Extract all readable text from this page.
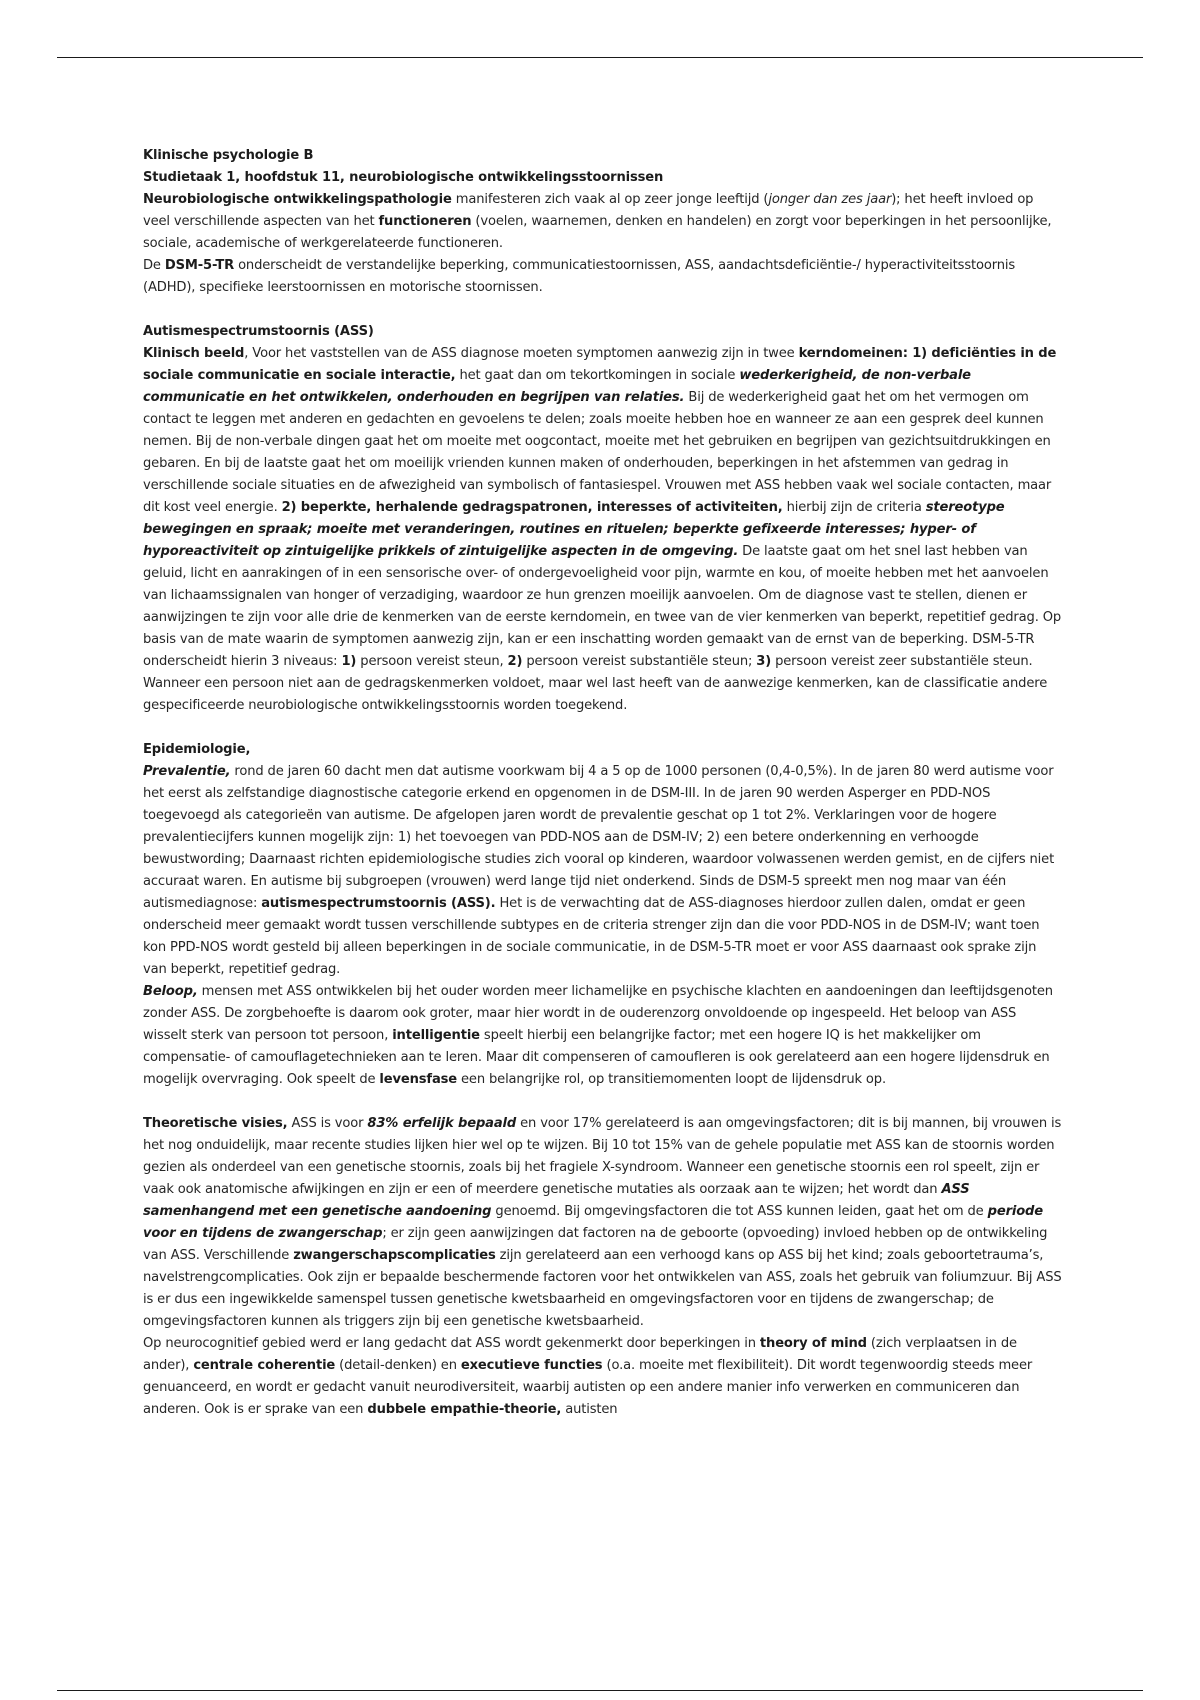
Klinische psychologie B

Studietaak 1, hoofdstuk 11, neurobiologische ontwikkelingsstoornissen

Neurobiologische ontwikkelingspathologie manifesteren zich vaak al op zeer jonge leeftijd (jonger dan zes jaar); het heeft invloed op veel verschillende aspecten van het functioneren (voelen, waarnemen, denken en handelen) en zorgt voor beperkingen in het persoonlijke, sociale, academische of werkgerelateerde functioneren.

De DSM-5-TR onderscheidt de verstandelijke beperking, communicatiestoornissen, ASS, aandachtsdeficiëntie-/ hyperactiviteitsstoornis (ADHD), specifieke leerstoornissen en motorische stoornissen.

Autismespectrumstoornis (ASS)

Klinisch beeld, Voor het vaststellen van de ASS diagnose moeten symptomen aanwezig zijn in twee kerndomeinen: 1) deficiënties in de sociale communicatie en sociale interactie, het gaat dan om tekortkomingen in sociale wederkerigheid, de non-verbale communicatie en het ontwikkelen, onderhouden en begrijpen van relaties. Bij de wederkerigheid gaat het om het vermogen om contact te leggen met anderen en gedachten en gevoelens te delen; zoals moeite hebben hoe en wanneer ze aan een gesprek deel kunnen nemen. Bij de non-verbale dingen gaat het om moeite met oogcontact, moeite met het gebruiken en begrijpen van gezichtsuitdrukkingen en gebaren. En bij de laatste gaat het om moeilijk vrienden kunnen maken of onderhouden, beperkingen in het afstemmen van gedrag in verschillende sociale situaties en de afwezigheid van symbolisch of fantasiespel. Vrouwen met ASS hebben vaak wel sociale contacten, maar dit kost veel energie. 2) beperkte, herhalende gedragspatronen, interesses of activiteiten, hierbij zijn de criteria stereotype bewegingen en spraak; moeite met veranderingen, routines en rituelen; beperkte gefixeerde interesses; hyper- of hyporeactiviteit op zintuigelijke prikkels of zintuigelijke aspecten in de omgeving. De laatste gaat om het snel last hebben van geluid, licht en aanrakingen of in een sensorische over- of ondergevoeligheid voor pijn, warmte en kou, of moeite hebben met het aanvoelen van lichaamssignalen van honger of verzadiging, waardoor ze hun grenzen moeilijk aanvoelen. Om de diagnose vast te stellen, dienen er aanwijzingen te zijn voor alle drie de kenmerken van de eerste kerndomein, en twee van de vier kenmerken van beperkt, repetitief gedrag. Op basis van de mate waarin de symptomen aanwezig zijn, kan er een inschatting worden gemaakt van de ernst van de beperking. DSM-5-TR onderscheidt hierin 3 niveaus: 1) persoon vereist steun, 2) persoon vereist substantiële steun; 3) persoon vereist zeer substantiële steun. Wanneer een persoon niet aan de gedragskenmerken voldoet, maar wel last heeft van de aanwezige kenmerken, kan de classificatie andere gespecificeerde neurobiologische ontwikkelingsstoornis worden toegekend.

Epidemiologie,

Prevalentie, rond de jaren 60 dacht men dat autisme voorkwam bij 4 a 5 op de 1000 personen (0,4-0,5%). In de jaren 80 werd autisme voor het eerst als zelfstandige diagnostische categorie erkend en opgenomen in de DSM-III. In de jaren 90 werden Asperger en PDD-NOS toegevoegd als categorieën van autisme. De afgelopen jaren wordt de prevalentie geschat op 1 tot 2%. Verklaringen voor de hogere prevalentiecijfers kunnen mogelijk zijn: 1) het toevoegen van PDD-NOS aan de DSM-IV; 2) een betere onderkenning en verhoogde bewustwording; Daarnaast richten epidemiologische studies zich vooral op kinderen, waardoor volwassenen werden gemist, en de cijfers niet accuraat waren. En autisme bij subgroepen (vrouwen) werd lange tijd niet onderkend. Sinds de DSM-5 spreekt men nog maar van één autismediagnose: autismespectrumstoornis (ASS). Het is de verwachting dat de ASS-diagnoses hierdoor zullen dalen, omdat er geen onderscheid meer gemaakt wordt tussen verschillende subtypes en de criteria strenger zijn dan die voor PDD-NOS in de DSM-IV; want toen kon PPD-NOS wordt gesteld bij alleen beperkingen in de sociale communicatie, in de DSM-5-TR moet er voor ASS daarnaast ook sprake zijn van beperkt, repetitief gedrag.

Beloop, mensen met ASS ontwikkelen bij het ouder worden meer lichamelijke en psychische klachten en aandoeningen dan leeftijdsgenoten zonder ASS. De zorgbehoefte is daarom ook groter, maar hier wordt in de ouderenzorg onvoldoende op ingespeeld. Het beloop van ASS wisselt sterk van persoon tot persoon, intelligentie speelt hierbij een belangrijke factor; met een hogere IQ is het makkelijker om compensatie- of camouflagetechnieken aan te leren. Maar dit compenseren of camoufleren is ook gerelateerd aan een hogere lijdensdruk en mogelijk overvraging. Ook speelt de levensfase een belangrijke rol, op transitiemomenten loopt de lijdensdruk op.

Theoretische visies, ASS is voor 83% erfelijk bepaald en voor 17% gerelateerd is aan omgevingsfactoren; dit is bij mannen, bij vrouwen is het nog onduidelijk, maar recente studies lijken hier wel op te wijzen. Bij 10 tot 15% van de gehele populatie met ASS kan de stoornis worden gezien als onderdeel van een genetische stoornis, zoals bij het fragiele X-syndroom. Wanneer een genetische stoornis een rol speelt, zijn er vaak ook anatomische afwijkingen en zijn er een of meerdere genetische mutaties als oorzaak aan te wijzen; het wordt dan ASS samenhangend met een genetische aandoening genoemd. Bij omgevingsfactoren die tot ASS kunnen leiden, gaat het om de periode voor en tijdens de zwangerschap; er zijn geen aanwijzingen dat factoren na de geboorte (opvoeding) invloed hebben op de ontwikkeling van ASS. Verschillende zwangerschapscomplicaties zijn gerelateerd aan een verhoogd kans op ASS bij het kind; zoals geboortetrauma’s, navelstrengcomplicaties. Ook zijn er bepaalde beschermende factoren voor het ontwikkelen van ASS, zoals het gebruik van foliumzuur. Bij ASS is er dus een ingewikkelde samenspel tussen genetische kwetsbaarheid en omgevingsfactoren voor en tijdens de zwangerschap; de omgevingsfactoren kunnen als triggers zijn bij een genetische kwetsbaarheid.

Op neurocognitief gebied werd er lang gedacht dat ASS wordt gekenmerkt door beperkingen in theory of mind (zich verplaatsen in de ander), centrale coherentie (detail-denken) en executieve functies (o.a. moeite met flexibiliteit). Dit wordt tegenwoordig steeds meer genuanceerd, en wordt er gedacht vanuit neurodiversiteit, waarbij autisten op een andere manier info verwerken en communiceren dan anderen. Ook is er sprake van een dubbele empathie-theorie, autisten
